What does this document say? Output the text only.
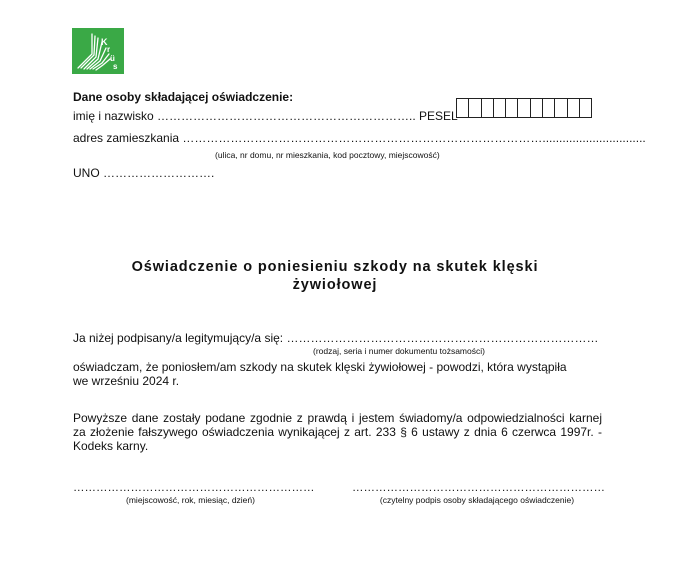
K
r
ü
s
Dane osoby składającej oświadczenie:
imię i nazwisko ……………………………………………………….. PESEL
adres zamieszkania ………………………………………………………………………………...............................
(ulica, nr domu, nr mieszkania, kod pocztowy, miejscowość)
UNO ……………………….
Oświadczenie o poniesieniu szkody na skutek klęski
żywiołowej
Ja niżej podpisany/a legitymujący/a się: ……………………………………………………………………
(rodzaj, seria i numer dokumentu tożsamości)
oświadczam, że poniosłem/am szkody na skutek klęski żywiołowej - powodzi, która wystąpiła we wrześniu 2024 r.
Powyższe dane zostały podane zgodnie z prawdą i jestem świadomy/a odpowiedzialności karnej za złożenie fałszywego oświadczenia wynikającej z art. 233 § 6 ustawy z dnia 6 czerwca 1997r. - Kodeks karny.
………………………………………………………
(miejscowość, rok, miesiąc, dzień)
…………………………………………………………
(czytelny podpis osoby składającego oświadczenie)
